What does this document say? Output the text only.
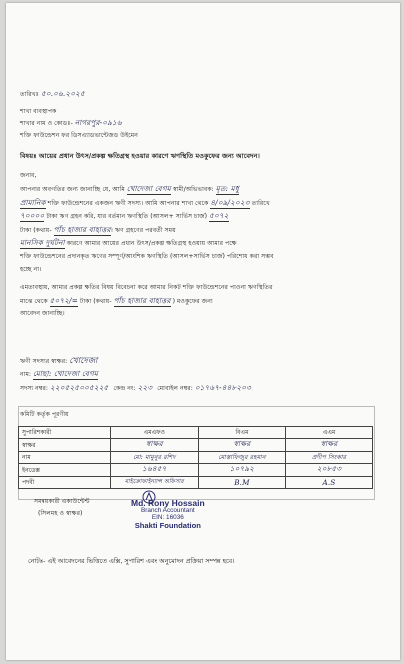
তারিখঃ ৫০.০৬.২০২৫
শাখা ব্যবস্থাপক
শাখার নাম ও কোডঃ- নাগরপুর-০৯১৬
শক্তি ফাউন্ডেশন ফর ডিসএ্যাডভান্টেজড উইমেন
বিষয়ঃ আয়ের প্রধান উৎস/প্রকল্প ক্ষতিগ্রস্থ হওয়ার কারণে ঋণস্থিতি মওকুফের জন্য আবেদন।
জনাব,
আপনার অবগতির জন্য জানাচ্ছি যে, আমি খোদেজা বেগম স্বামী/অভিভাবক: মৃত: মধু
প্রামানিক শক্তি ফাউন্ডেশনের একজন ঋণী সদস্য। আমি আপনার শাখা থেকে ৪/০৯/২০২৩ তারিখে
৭০০০০ টাকা ঋণ গ্রহন করি, যার বর্তমান ঋণস্থিতি (আসল+ সার্ভিস চার্জ) ৫০৭২
টাকা (কথায়- পাঁচ হাজার বাহাত্তর। ঋণ গ্রহণের পরবর্তী সময়
মানসিক দুর্ঘটনা কারণে আমার আয়ের প্রধান উৎস/প্রকল্প ক্ষতিগ্রস্থ হওয়ায় আমার পক্ষে
শক্তি ফাউন্ডেশনের প্রদানকৃত ঋণের সম্পূর্ণ/আংশিক ঋণস্থিতি (আসল+সার্ভিস চার্জ) পরিশোধ করা সম্ভব
হচ্ছে না।
এমতাবস্থায়, আমার প্রকল্প ক্ষতির বিষয় বিবেচনা করে আমার নিকট শক্তি ফাউন্ডেশনের পাওনা ঋণস্থিতির
মাঝে থেকে ৫০৭২/= টাকা (কথায়- পাঁচ হাজার বাহাত্তর ) মওকুফের জন্য
আবেদন জানাচ্ছি।
ঋণী সদস্যর স্বাক্ষর: খোদেজা
নাম: মোছা: খোদেজা বেগম
সদস্য নম্বর: ২২০৫২৫০০৫২২৫ কেন্দ্র নং: ২২৩ মোবাইল নম্বর: ০১৭৬৭-৪৪৮২০৩
কমিটি কর্তৃক পূরণীয়
সুপারিশকারী	এমএফও	বিএম	এএম
স্বাক্ষর	স্বাক্ষর	স্বাক্ষর	স্বাক্ষর
নাম	মো: মামুনুর রশিদ	মোস্তাফিজুর রহমান	প্রদীপ সিংকার
ইনডেক্স	১৬৪৫৭	১০৭৯২	২০৮৫৩
পদবী	মাইক্রোফাইন্যান্স অফিসার	B.M	A.S
সমন্বয়কারী একাউন্টেন্ট
(সিলমহ ও স্বাক্ষর)
Md. Rony Hossain
Branch Accountant
EIN: 16036
Shakti Foundation
নোটঃ- এই আবেদনের ভিত্তিতে এক্সি, সুপারিশ এবং অনুমোদন প্রক্রিয়া সম্পন্ন হবে।
